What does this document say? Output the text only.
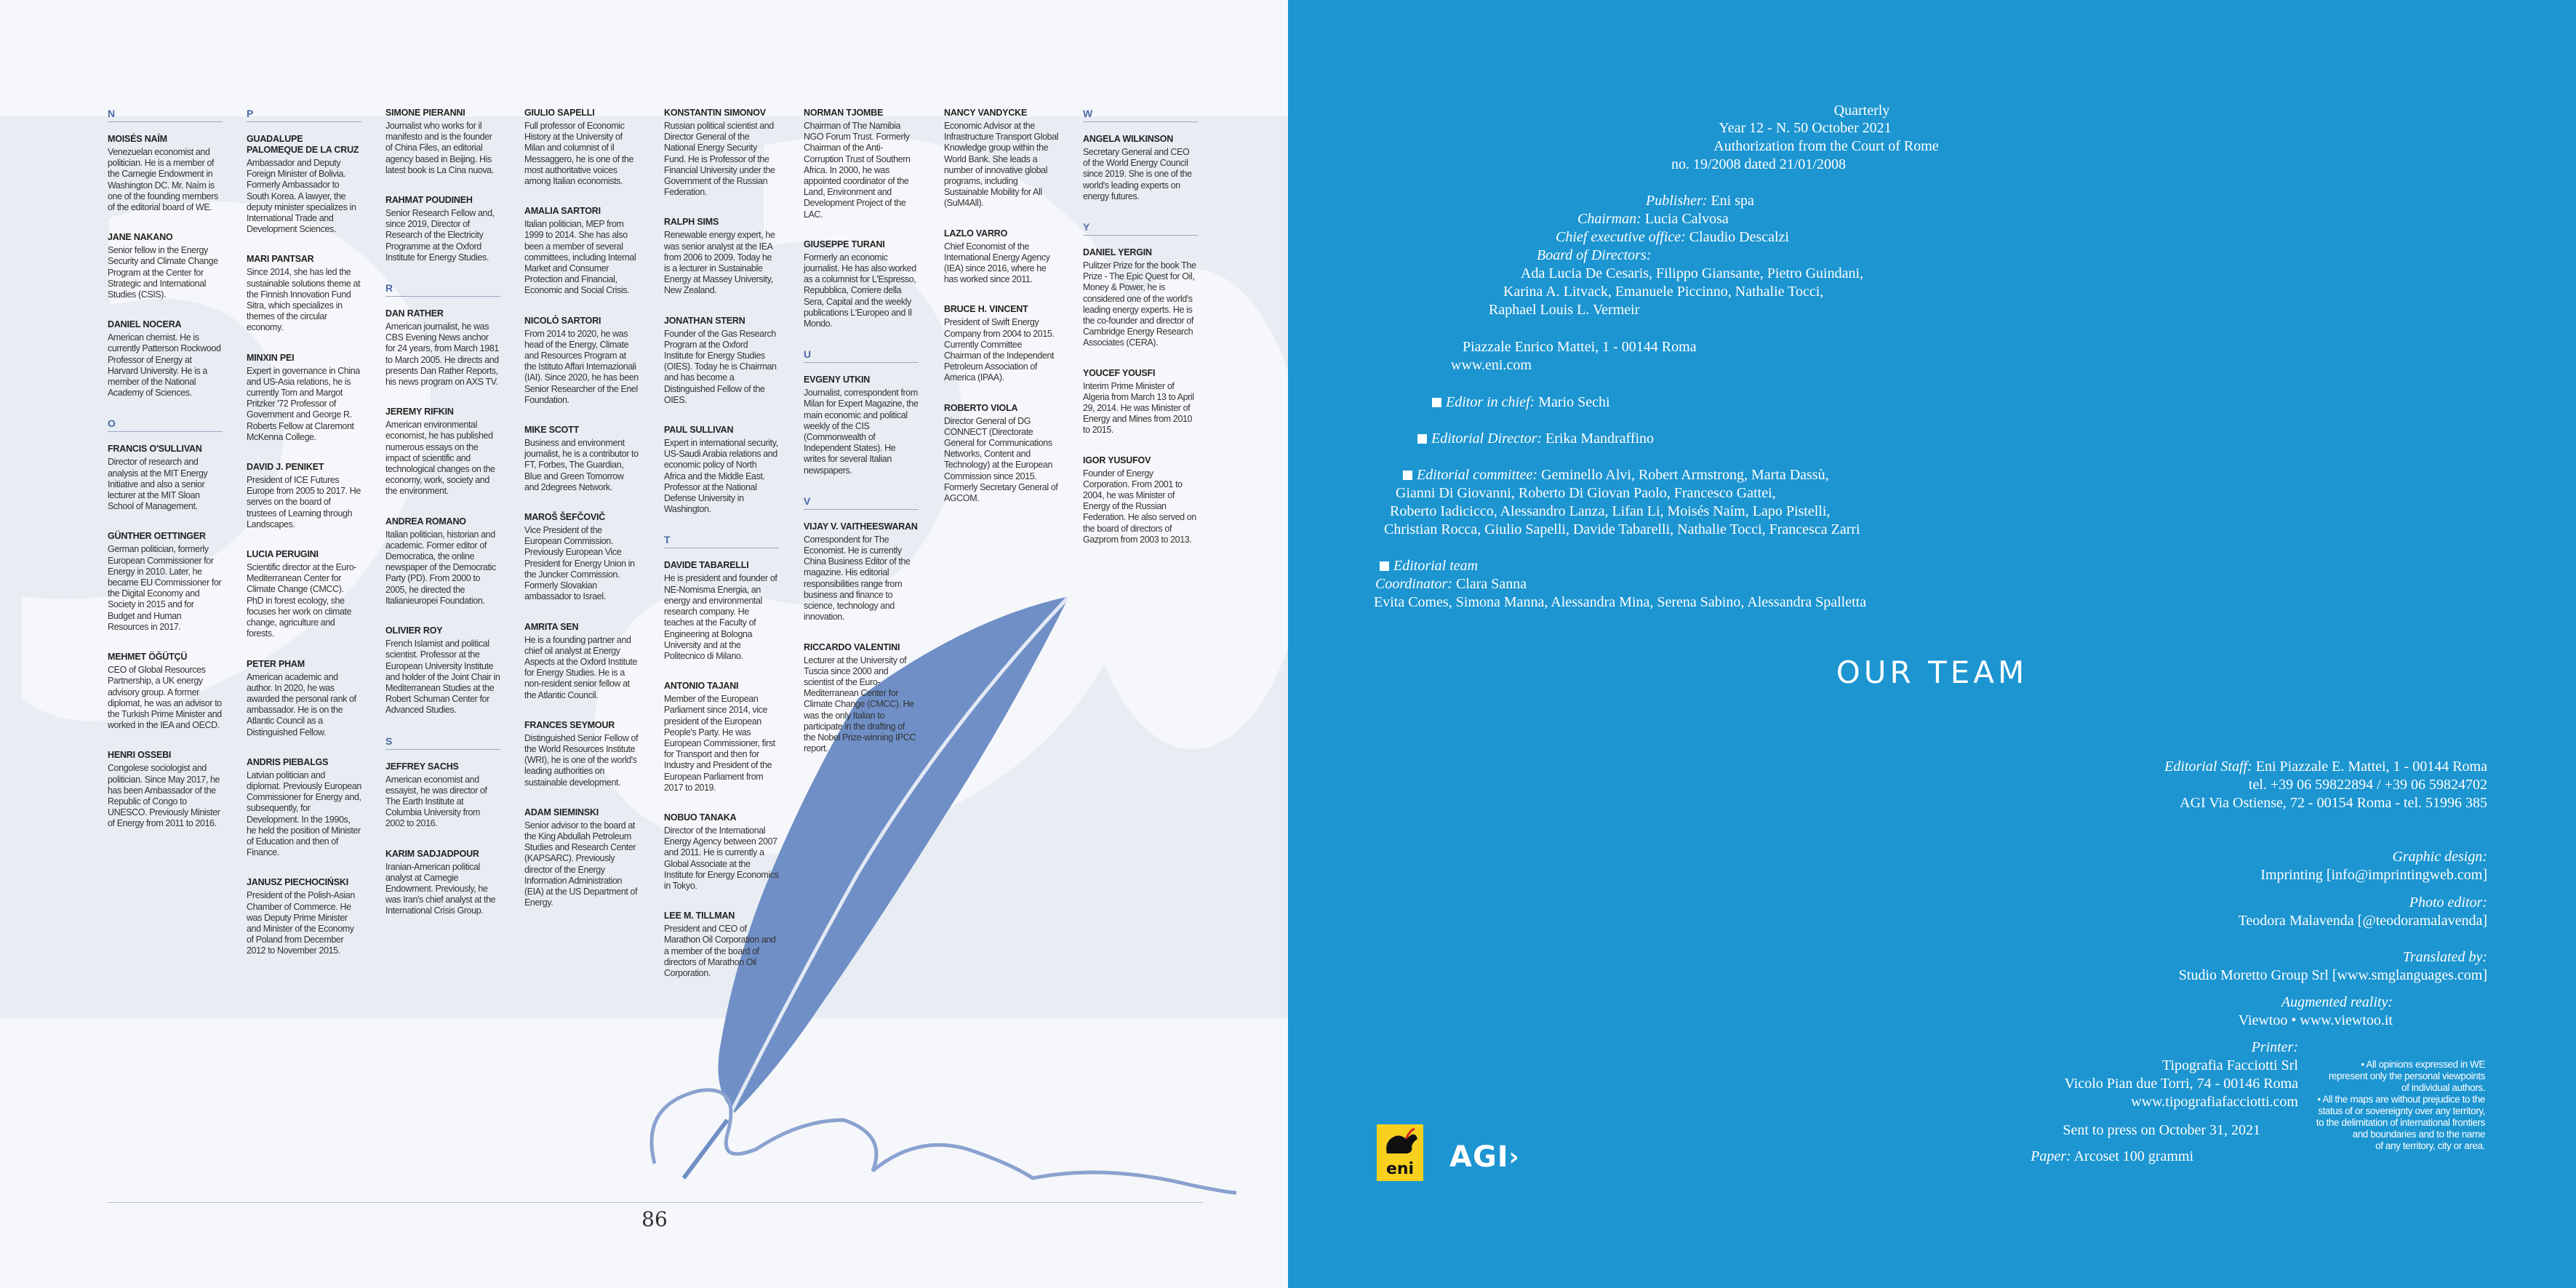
N
MOISÉS NAÍM
Venezuelan economist and politician. He is a member of the Carnegie Endowment in Washington DC. Mr. Naím is one of the founding members of the editorial board of WE.
JANE NAKANO
Senior fellow in the Energy Security and Climate Change Program at the Center for Strategic and International Studies (CSIS).
DANIEL NOCERA
American chemist. He is currently Patterson Rockwood Professor of Energy at Harvard University. He is a member of the National Academy of Sciences.
O
FRANCIS O'SULLIVAN
Director of research and analysis at the MIT Energy Initiative and also a senior lecturer at the MIT Sloan School of Management.
GÜNTHER OETTINGER
German politician, formerly European Commissioner for Energy in 2010. Later, he became EU Commissioner for the Digital Economy and Society in 2015 and for Budget and Human Resources in 2017.
MEHMET ÖĞÜTÇÜ
CEO of Global Resources Partnership, a UK energy advisory group. A former diplomat, he was an advisor to the Turkish Prime Minister and worked in the IEA and OECD.
HENRI OSSEBI
Congolese sociologist and politician. Since May 2017, he has been Ambassador of the Republic of Congo to UNESCO. Previously Minister of Energy from 2011 to 2016.
P
GUADALUPE PALOMEQUE DE LA CRUZ
Ambassador and Deputy Foreign Minister of Bolivia. Formerly Ambassador to South Korea. A lawyer, the deputy minister specializes in International Trade and Development Sciences.
MARI PANTSAR
Since 2014, she has led the sustainable solutions theme at the Finnish Innovation Fund Sitra, which specializes in themes of the circular economy.
MINXIN PEI
Expert in governance in China and US-Asia relations, he is currently Tom and Margot Pritzker '72 Professor of Government and George R. Roberts Fellow at Claremont McKenna College.
DAVID J. PENIKET
President of ICE Futures Europe from 2005 to 2017. He serves on the board of trustees of Learning through Landscapes.
LUCIA PERUGINI
Scientific director at the Euro-Mediterranean Center for Climate Change (CMCC). PhD in forest ecology, she focuses her work on climate change, agriculture and forests.
PETER PHAM
American academic and author. In 2020, he was awarded the personal rank of ambassador. He is on the Atlantic Council as a Distinguished Fellow.
ANDRIS PIEBALGS
Latvian politician and diplomat. Previously European Commissioner for Energy and, subsequently, for Development. In the 1990s, he held the position of Minister of Education and then of Finance.
JANUSZ PIECHOCIŃSKI
President of the Polish-Asian Chamber of Commerce. He was Deputy Prime Minister and Minister of the Economy of Poland from December 2012 to November 2015.
SIMONE PIERANNI
Journalist who works for il manifesto and is the founder of China Files, an editorial agency based in Beijing. His latest book is La Cina nuova.
RAHMAT POUDINEH
Senior Research Fellow and, since 2019, Director of Research of the Electricity Programme at the Oxford Institute for Energy Studies.
R
DAN RATHER
American journalist, he was CBS Evening News anchor for 24 years, from March 1981 to March 2005. He directs and presents Dan Rather Reports, his news program on AXS TV.
JEREMY RIFKIN
American environmental economist, he has published numerous essays on the impact of scientific and technological changes on the economy, work, society and the environment.
ANDREA ROMANO
Italian politician, historian and academic. Former editor of Democratica, the online newspaper of the Democratic Party (PD). From 2000 to 2005, he directed the Italianieuropei Foundation.
OLIVIER ROY
French Islamist and political scientist. Professor at the European University Institute and holder of the Joint Chair in Mediterranean Studies at the Robert Schuman Center for Advanced Studies.
S
JEFFREY SACHS
American economist and essayist, he was director of The Earth Institute at Columbia University from 2002 to 2016.
KARIM SADJADPOUR
Iranian-American political analyst at Carnegie Endowment. Previously, he was Iran's chief analyst at the International Crisis Group.
GIULIO SAPELLI
Full professor of Economic History at the University of Milan and columnist of il Messaggero, he is one of the most authoritative voices among Italian economists.
AMALIA SARTORI
Italian politician, MEP from 1999 to 2014. She has also been a member of several committees, including Internal Market and Consumer Protection and Financial, Economic and Social Crisis.
NICOLÒ SARTORI
From 2014 to 2020, he was head of the Energy, Climate and Resources Program at the Istituto Affari Internazionali (IAI). Since 2020, he has been Senior Researcher of the Enel Foundation.
MIKE SCOTT
Business and environment journalist, he is a contributor to FT, Forbes, The Guardian, Blue and Green Tomorrow and 2degrees Network.
MAROŠ ŠEFČOVIČ
Vice President of the European Commission. Previously European Vice President for Energy Union in the Juncker Commission. Formerly Slovakian ambassador to Israel.
AMRITA SEN
He is a founding partner and chief oil analyst at Energy Aspects at the Oxford Institute for Energy Studies. He is a non-resident senior fellow at the Atlantic Council.
FRANCES SEYMOUR
Distinguished Senior Fellow of the World Resources Institute (WRI), he is one of the world's leading authorities on sustainable development.
ADAM SIEMINSKI
Senior advisor to the board at the King Abdullah Petroleum Studies and Research Center (KAPSARC). Previously director of the Energy Information Administration (EIA) at the US Department of Energy.
KONSTANTIN SIMONOV
Russian political scientist and Director General of the National Energy Security Fund. He is Professor of the Financial University under the Government of the Russian Federation.
RALPH SIMS
Renewable energy expert, he was senior analyst at the IEA from 2006 to 2009. Today he is a lecturer in Sustainable Energy at Massey University, New Zealand.
JONATHAN STERN
Founder of the Gas Research Program at the Oxford Institute for Energy Studies (OIES). Today he is Chairman and has become a Distinguished Fellow of the OIES.
PAUL SULLIVAN
Expert in international security, US-Saudi Arabia relations and economic policy of North Africa and the Middle East. Professor at the National Defense University in Washington.
T
DAVIDE TABARELLI
He is president and founder of NE-Nomisma Energia, an energy and environmental research company. He teaches at the Faculty of Engineering at Bologna University and at the Politecnico di Milano.
ANTONIO TAJANI
Member of the European Parliament since 2014, vice president of the European People's Party. He was European Commissioner, first for Transport and then for Industry and President of the European Parliament from 2017 to 2019.
NOBUO TANAKA
Director of the International Energy Agency between 2007 and 2011. He is currently a Global Associate at the Institute for Energy Economics in Tokyo.
LEE M. TILLMAN
President and CEO of Marathon Oil Corporation and a member of the board of directors of Marathon Oil Corporation.
NORMAN TJOMBE
Chairman of The Namibia NGO Forum Trust. Formerly Chairman of the Anti-Corruption Trust of Southern Africa. In 2000, he was appointed coordinator of the Land, Environment and Development Project of the LAC.
GIUSEPPE TURANI
Formerly an economic journalist. He has also worked as a columnist for L'Espresso, Repubblica, Corriere della Sera, Capital and the weekly publications L'Europeo and Il Mondo.
U
EVGENY UTKIN
Journalist, correspondent from Milan for Expert Magazine, the main economic and political weekly of the CIS (Commonwealth of Independent States). He writes for several Italian newspapers.
V
VIJAY V. VAITHEESWARAN
Correspondent for The Economist. He is currently China Business Editor of the magazine. His editorial responsibilities range from business and finance to science, technology and innovation.
RICCARDO VALENTINI
Lecturer at the University of Tuscia since 2000 and scientist of the Euro-Mediterranean Center for Climate Change (CMCC). He was the only Italian to participate in the drafting of the Nobel Prize-winning IPCC report.
NANCY VANDYCKE
Economic Advisor at the Infrastructure Transport Global Knowledge group within the World Bank. She leads a number of innovative global programs, including Sustainable Mobility for All (SuM4All).
LAZLO VARRO
Chief Economist of the International Energy Agency (IEA) since 2016, where he has worked since 2011.
BRUCE H. VINCENT
President of Swift Energy Company from 2004 to 2015. Currently Committee Chairman of the Independent Petroleum Association of America (IPAA).
ROBERTO VIOLA
Director General of DG CONNECT (Directorate General for Communications Networks, Content and Technology) at the European Commission since 2015. Formerly Secretary General of AGCOM.
W
ANGELA WILKINSON
Secretary General and CEO of the World Energy Council since 2019. She is one of the world's leading experts on energy futures.
Y
DANIEL YERGIN
Pulitzer Prize for the book The Prize - The Epic Quest for Oil, Money & Power, he is considered one of the world's leading energy experts. He is the co-founder and director of Cambridge Energy Research Associates (CERA).
YOUCEF YOUSFI
Interim Prime Minister of Algeria from March 13 to April 29, 2014. He was Minister of Energy and Mines from 2010 to 2015.
IGOR YUSUFOV
Founder of Energy Corporation. From 2001 to 2004, he was Minister of Energy of the Russian Federation. He also served on the board of directors of Gazprom from 2003 to 2013.
86
Quarterly
Year 12 - N. 50 October 2021
Authorization from the Court of Rome
no. 19/2008 dated 21/01/2008
Publisher: Eni spa
Chairman: Lucia Calvosa
Chief executive office: Claudio Descalzi
Board of Directors:
Ada Lucia De Cesaris, Filippo Giansante, Pietro Guindani,
Karina A. Litvack, Emanuele Piccinno, Nathalie Tocci,
Raphael Louis L. Vermeir
Piazzale Enrico Mattei, 1 - 00144 Roma
www.eni.com
Editor in chief: Mario Sechi
Editorial Director: Erika Mandraffino
Editorial committee: Geminello Alvi, Robert Armstrong, Marta Dassù,
Gianni Di Giovanni, Roberto Di Giovan Paolo, Francesco Gattei,
Roberto Iadicicco, Alessandro Lanza, Lifan Li, Moisés Naím, Lapo Pistelli,
Christian Rocca, Giulio Sapelli, Davide Tabarelli, Nathalie Tocci, Francesca Zarri
Editorial team
Coordinator: Clara Sanna
Evita Comes, Simona Manna, Alessandra Mina, Serena Sabino, Alessandra Spalletta
OUR TEAM
Editorial Staff: Eni Piazzale E. Mattei, 1 - 00144 Roma
tel. +39 06 59822894 / +39 06 59824702
AGI Via Ostiense, 72 - 00154 Roma - tel. 51996 385
Graphic design:
Imprinting [info@imprintingweb.com]
Photo editor:
Teodora Malavenda [@teodoramalavenda]
Translated by:
Studio Moretto Group Srl [www.smglanguages.com]
Augmented reality:
Viewtoo • www.viewtoo.it
Printer:
Tipografia Facciotti Srl
Vicolo Pian due Torri, 74 - 00146 Roma
www.tipografiafacciotti.com
Sent to press on October 31, 2021
Paper: Arcoset 100 grammi
• All opinions expressed in WE
represent only the personal viewpoints
of individual authors.
• All the maps are without prejudice to the
status of or sovereignty over any territory,
to the delimitation of international frontiers
and boundaries and to the name
of any territory, city or area.
eni AGI›
